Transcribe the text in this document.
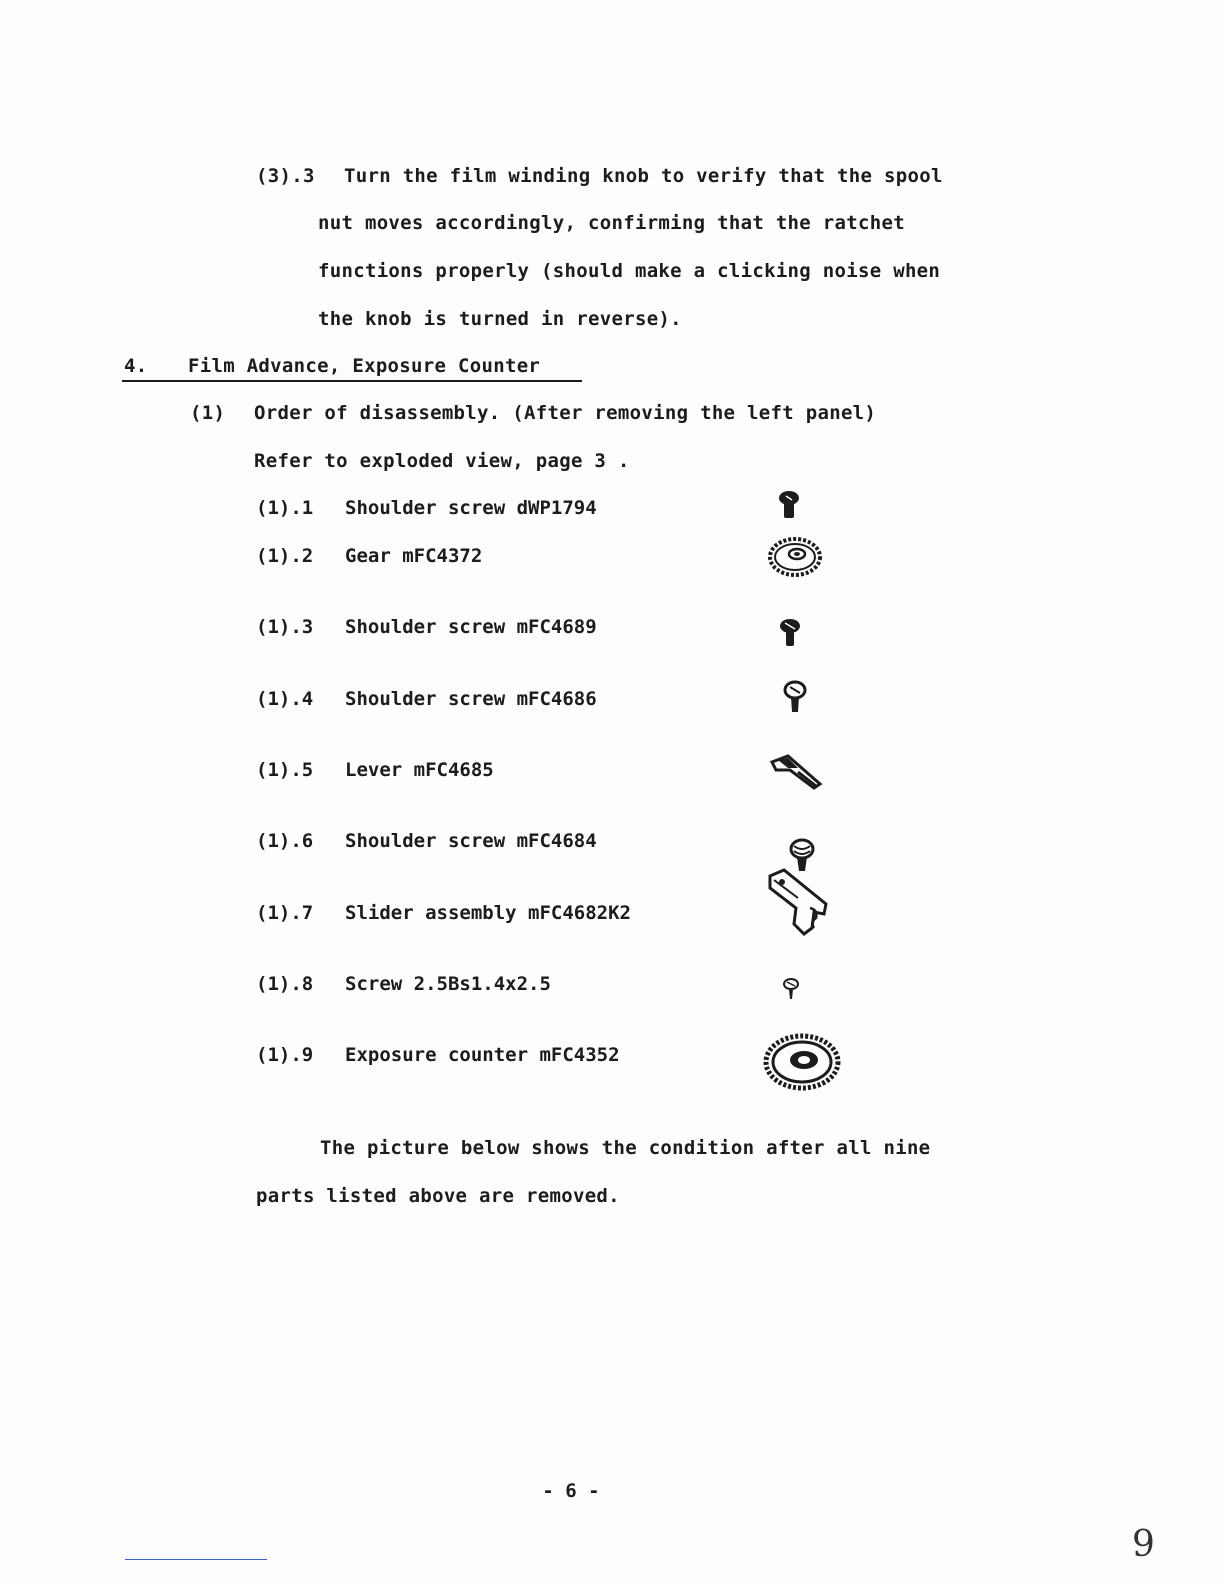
(3).3 Turn the film winding knob to verify that the spool
nut moves accordingly, confirming that the ratchet
functions properly (should make a clicking noise when
the knob is turned in reverse).
4. Film Advance, Exposure Counter
(1) Order of disassembly. (After removing the left panel)
Refer to exploded view, page 3 .
(1).1 Shoulder screw dWP1794
(1).2 Gear mFC4372
(1).3 Shoulder screw mFC4689
(1).4 Shoulder screw mFC4686
(1).5 Lever mFC4685
(1).6 Shoulder screw mFC4684
(1).7 Slider assembly mFC4682K2
(1).8 Screw 2.5Bs1.4x2.5
(1).9 Exposure counter mFC4352
The picture below shows the condition after all nine
parts listed above are removed.
- 6 -
9
